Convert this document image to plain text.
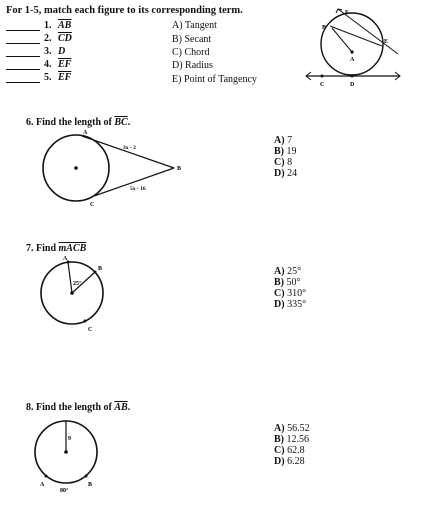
For 1-5, match each figure to its corresponding term.
1. $\overline{AB}$
2. $\overline{CD}$
3. D
4. $\overline{EF}$
5. $\overline{EF}$
A) Tangent
B) Secant
C) Chord
D) Radius
E) Point of Tangency
B
F
E
A
C	D
6. Find the length of $\overline{BC}$.
A
B
C
3x - 2
5x - 16
A) 7
B) 19
C) 8
D) 24
7. Find mACB
A
B
C
25°
A) 25°
B) 50°
C) 310°
D) 335°
8. Find the length of $\overline{AB}$.
9
A	B
80°
A) 56.52
B) 12.56
C) 62.8
D) 6.28
